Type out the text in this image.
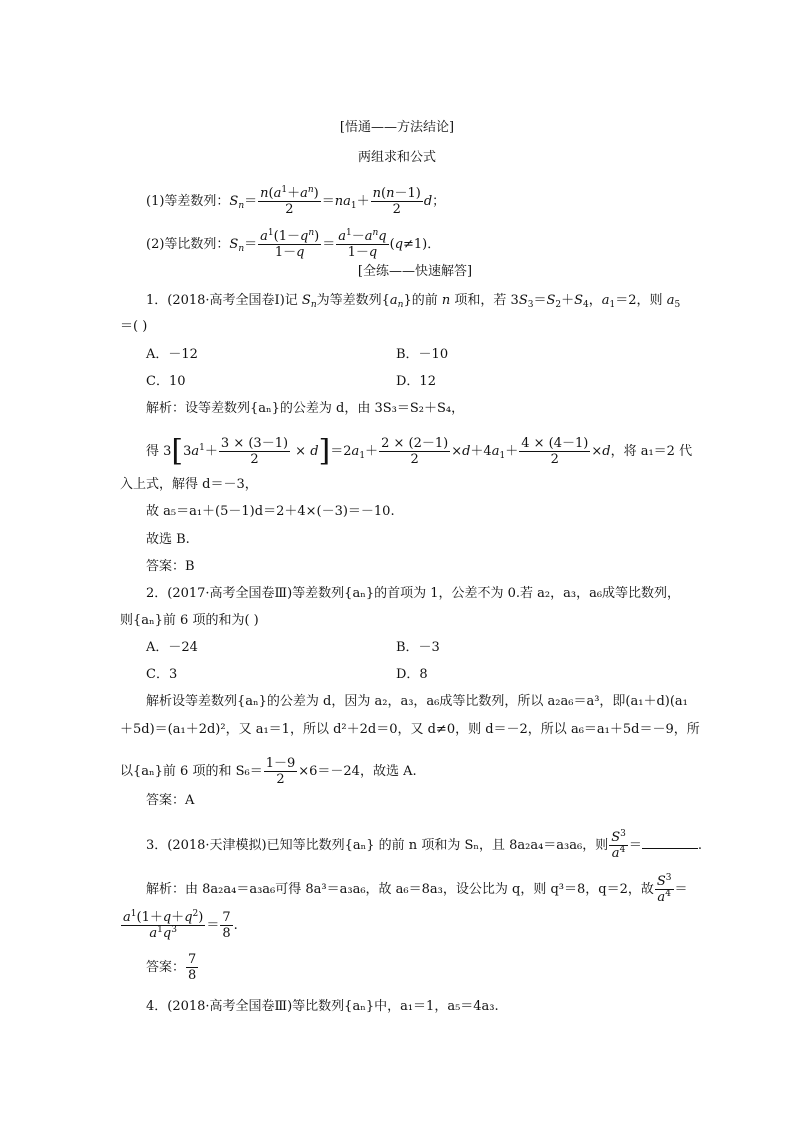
[悟通——方法结论]
两组求和公式
(1)等差数列：$S_n= \frac{n(a^1+a^n)}{2} =na_1+ \frac{n(n-1)}{2}$ d；
(2)等比数列：$S_n= \frac{a^1(1-q^n)}{1-q}$ ＝
$a^1-a^nq$
1－q
(q≠1)．
[全练——快速解答]
1．(2018·高考全国卷Ⅰ)记 $S_n$为等差数列$\{a_n\}$的前 n 项和，若 $3S_3=S_2+S_4$，$a_1=2$，则 $a_5$
＝( )
A．－12	B．－10
C．10	D．12
解析：设等差数列{aₙ}的公差为 d，由 3S₃＝S₂＋S₄，
得 $3[3a^1+ \frac{3 \times (3-1)}{2} \times d]=2a_1+ \frac{2 \times (2-1)}{2} \times d+4a_1+ \frac{4 \times (4-1)}{2} \times d$，将 a₁＝2 代
入上式，解得 d＝－3，
故 a₅＝a₁＋(5－1)d＝2＋4×(－3)＝－10.
故选 B.
答案：B
2．(2017·高考全国卷Ⅲ)等差数列{aₙ}的首项为 1，公差不为 0.若 a₂，a₃，a₆成等比数列，
则{aₙ}前 6 项的和为( )
A．－24	B．－3
C．3	D．8
解析设等差数列{aₙ}的公差为 d，因为 a₂，a₃，a₆成等比数列，所以 a₂a₆＝a³，即(a₁＋d)(a₁
＋5d)＝(a₁＋2d)²，又 a₁＝1，所以 d²＋2d＝0，又 d≠0，则 d＝－2，所以 a₆＝a₁＋5d＝－9，所
以{aₙ}前 6 项的和 $S_6= \frac{1-9}{2} \times 6=-24$，故选 A.
答案：A
3．(2018·天津模拟)已知等比数列{aₙ} 的前 n 项和为 Sₙ，且 8a₂a₄＝a₃a₆，则 $\frac{S^3}{a^4}$ ＝	.
解析：由 8a₂a₄＝a₃a₆可得 8a³＝a₃a₆，故 a₆＝8a₃，设公比为 q，则 q³＝8，q＝2，故 $\frac{S^3}{a^4}$ ＝
$\frac{a^1(1+q+q^2)}{a^1q^3} = \frac{7}{8}$ .
答案： $\frac{7}{8}$
4．(2018·高考全国卷Ⅲ)等比数列{aₙ}中，a₁＝1，a₅＝4a₃.
